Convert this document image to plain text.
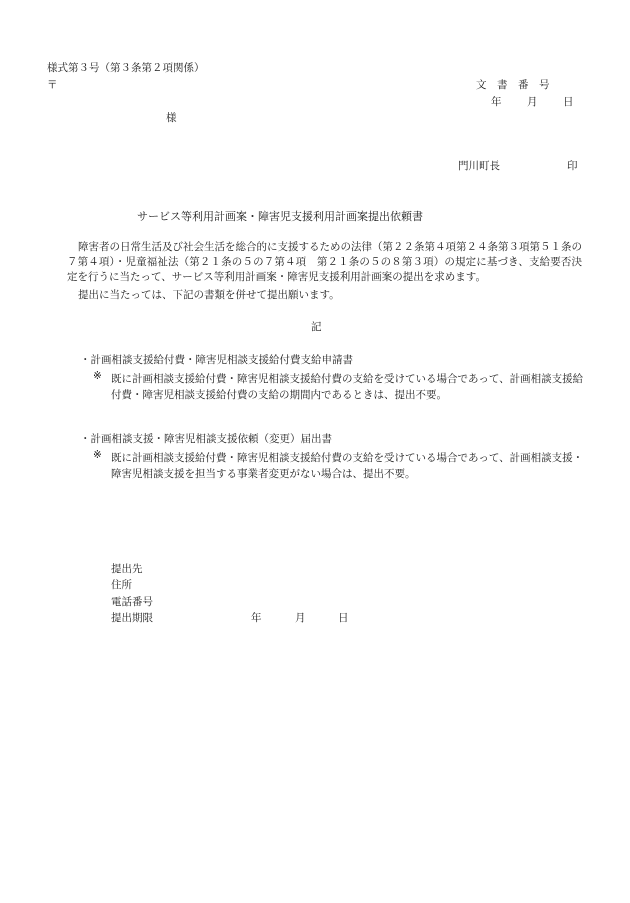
様式第３号（第３条第２項関係）
〒	文　書　番　号
年 月 日
様
門川町長	印
サービス等利用計画案・障害児支援利用計画案提出依頼書
障害者の日常生活及び社会生活を総合的に支援するための法律（第２２条第４項第２４条第３項第５１条の７第４項）・児童福祉法（第２１条の５の７第４項　第２１条の５の８第３項）の規定に基づき、支給要否決定を行うに当たって、サービス等利用計画案・障害児支援利用計画案の提出を求めます。
提出に当たっては、下記の書類を併せて提出願います。
記
・計画相談支援給付費・障害児相談支援給付費支給申請書
※ 既に計画相談支援給付費・障害児相談支援給付費の支給を受けている場合であって、計画相談支援給付費・障害児相談支援給付費の支給の期間内であるときは、提出不要。
・計画相談支援・障害児相談支援依頼（変更）届出書
※ 既に計画相談支援給付費・障害児相談支援給付費の支給を受けている場合であって、計画相談支援・障害児相談支援を担当する事業者変更がない場合は、提出不要。
提出先
住所
電話番号
提出期限	年	月	日
